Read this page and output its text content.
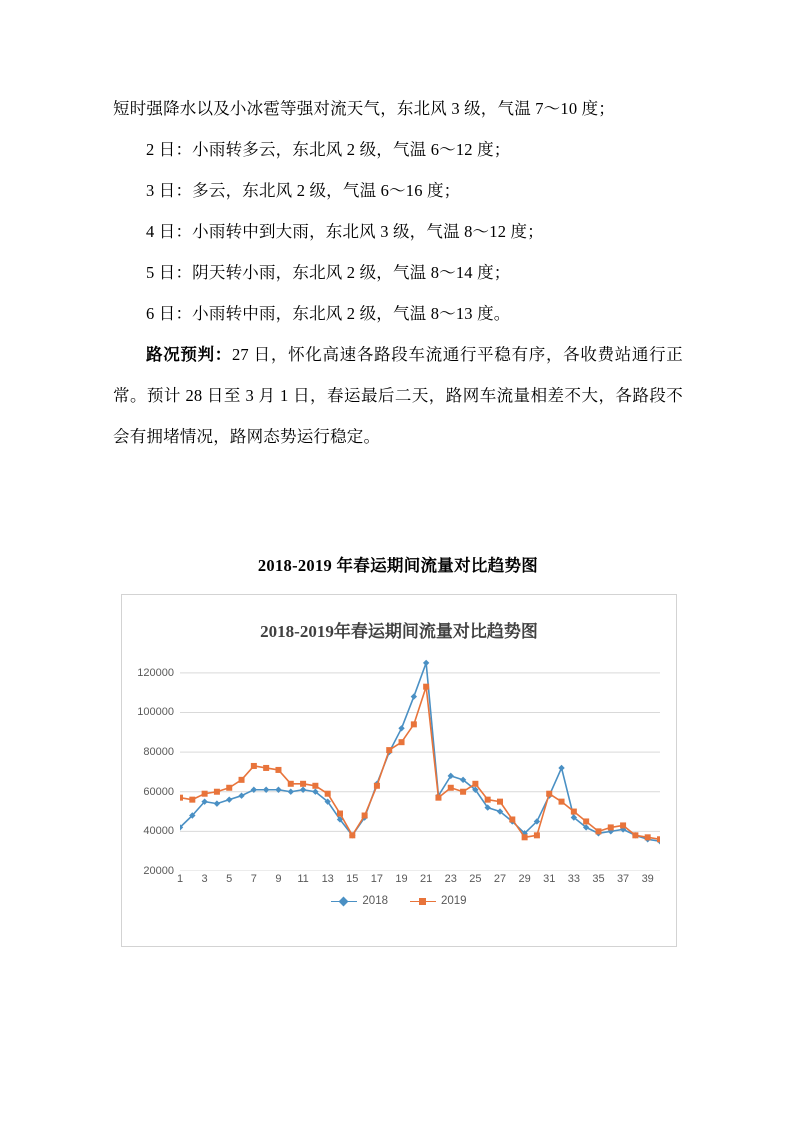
短时强降水以及小冰雹等强对流天气，东北风 3 级，气温 7～10 度；

2 日：小雨转多云，东北风 2 级，气温 6～12 度；

3 日：多云，东北风 2 级，气温 6～16 度；

4 日：小雨转中到大雨，东北风 3 级，气温 8～12 度；

5 日：阴天转小雨，东北风 2 级，气温 8～14 度；

6 日：小雨转中雨，东北风 2 级，气温 8～13 度。

路况预判：27 日，怀化高速各路段车流通行平稳有序，各收费站通行正常。预计 28 日至 3 月 1 日，春运最后二天，路网车流量相差不大，各路段不会有拥堵情况，路网态势运行稳定。

2018-2019 年春运期间流量对比趋势图
2018-2019年春运期间流量对比趋势图
20000
40000
60000
80000
100000
120000
1 3 5 7 9 11 13 15 17 19 21 23 25 27 29 31 33 35 37 39
2018	2019
